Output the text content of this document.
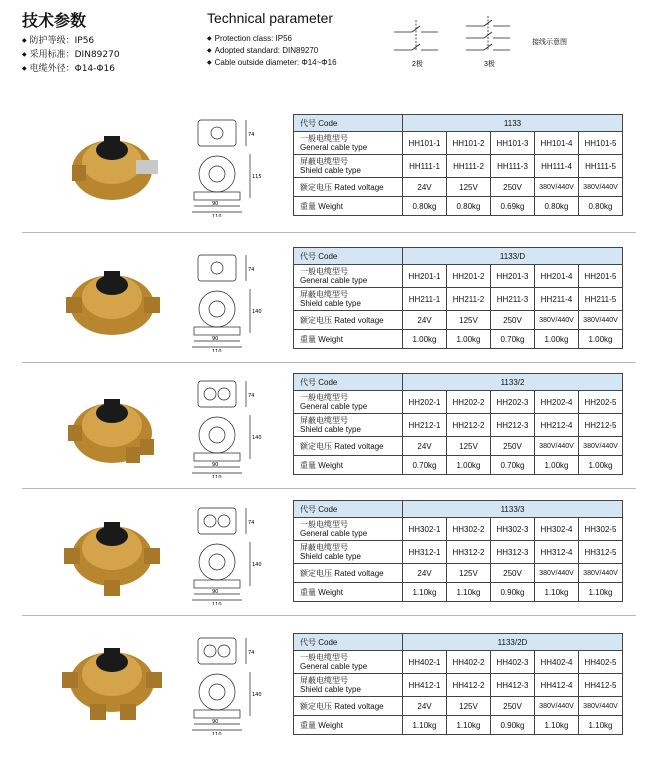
技术参数
◆ 防护等级：IP56
◆ 采用标准：DIN89270
◆ 电缆外径：Φ14-Φ16
Technical parameter
◆ Protection class: IP56
◆ Adopted standard: DIN89270
◆ Cable outside diameter: Φ14~Φ16	2极	3极
接线示意图
74
115
90
110
代号 Code	1133				
一般电缆型号
General cable type	HH101-1	HH101-2	HH101-3	HH101-4	HH101-5
屏蔽电缆型号
Shield cable type	HH111-1	HH111-2	HH111-3	HH111-4	HH111-5
额定电压 Rated voltage	24V	125V	250V	380V/440V	380V/440V
重量 Weight	0.80kg	0.80kg	0.69kg	0.80kg	0.80kg
74
140
90
110
代号 Code	1133/D				
一般电缆型号
General cable type	HH201-1	HH201-2	HH201-3	HH201-4	HH201-5
屏蔽电缆型号
Shield cable type	HH211-1	HH211-2	HH211-3	HH211-4	HH211-5
额定电压 Rated voltage	24V	125V	250V	380V/440V	380V/440V
重量 Weight	1.00kg	1.00kg	0.70kg	1.00kg	1.00kg
74
140
90
110
代号 Code	1133/2				
一般电缆型号
General cable type	HH202-1	HH202-2	HH202-3	HH202-4	HH202-5
屏蔽电缆型号
Shield cable type	HH212-1	HH212-2	HH212-3	HH212-4	HH212-5
额定电压 Rated voltage	24V	125V	250V	380V/440V	380V/440V
重量 Weight	0.70kg	1.00kg	0.70kg	1.00kg	1.00kg
74
140
90
110
代号 Code	1133/3				
一般电缆型号
General cable type	HH302-1	HH302-2	HH302-3	HH302-4	HH302-5
屏蔽电缆型号
Shield cable type	HH312-1	HH312-2	HH312-3	HH312-4	HH312-5
额定电压 Rated voltage	24V	125V	250V	380V/440V	380V/440V
重量 Weight	1.10kg	1.10kg	0.90kg	1.10kg	1.10kg
74
140
90
110
代号 Code	1133/2D				
一般电缆型号
General cable type	HH402-1	HH402-2	HH402-3	HH402-4	HH402-5
屏蔽电缆型号
Shield cable type	HH412-1	HH412-2	HH412-3	HH412-4	HH412-5
额定电压 Rated voltage	24V	125V	250V	380V/440V	380V/440V
重量 Weight	1.10kg	1.10kg	0.90kg	1.10kg	1.10kg
